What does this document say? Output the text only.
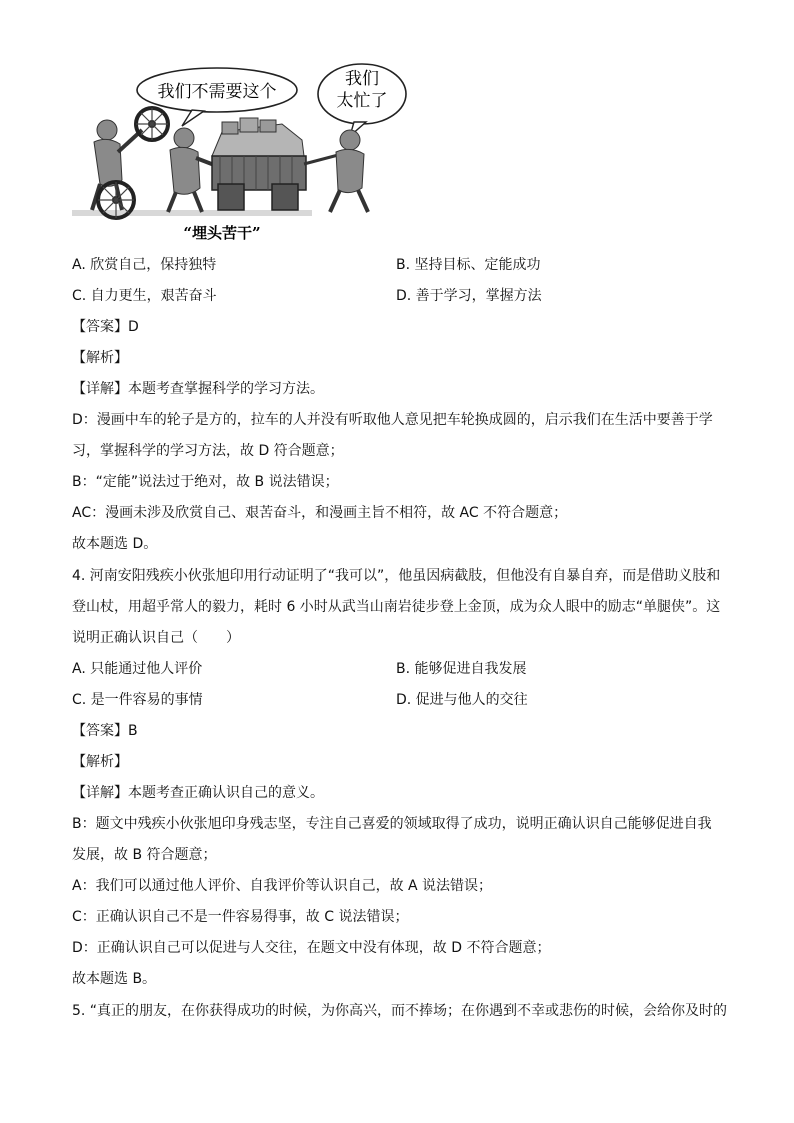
我们不需要这个
我们
太忙了
“埋头苦干”
A. 欣赏自己，保持独特	B. 坚持目标、定能成功
C. 自力更生，艰苦奋斗	D. 善于学习，掌握方法
【答案】D
【解析】
【详解】本题考查掌握科学的学习方法。
D：漫画中车的轮子是方的，拉车的人并没有听取他人意见把车轮换成圆的，启示我们在生活中要善于学
习，掌握科学的学习方法，故 D 符合题意；
B：“定能”说法过于绝对，故 B 说法错误；
AC：漫画未涉及欣赏自己、艰苦奋斗，和漫画主旨不相符，故 AC 不符合题意；
故本题选 D。
4. 河南安阳残疾小伙张旭印用行动证明了“我可以”，他虽因病截肢，但他没有自暴自弃，而是借助义肢和
登山杖，用超乎常人的毅力，耗时 6 小时从武当山南岩徒步登上金顶，成为众人眼中的励志“单腿侠”。这
说明正确认识自己（　　）
A. 只能通过他人评价	B. 能够促进自我发展
C. 是一件容易的事情	D. 促进与他人的交往
【答案】B
【解析】
【详解】本题考查正确认识自己的意义。
B：题文中残疾小伙张旭印身残志坚，专注自己喜爱的领域取得了成功，说明正确认识自己能够促进自我
发展，故 B 符合题意；
A：我们可以通过他人评价、自我评价等认识自己，故 A 说法错误；
C：正确认识自己不是一件容易得事，故 C 说法错误；
D：正确认识自己可以促进与人交往，在题文中没有体现，故 D 不符合题意；
故本题选 B。
5. “真正的朋友，在你获得成功的时候，为你高兴，而不捧场；在你遇到不幸或悲伤的时候，会给你及时的
